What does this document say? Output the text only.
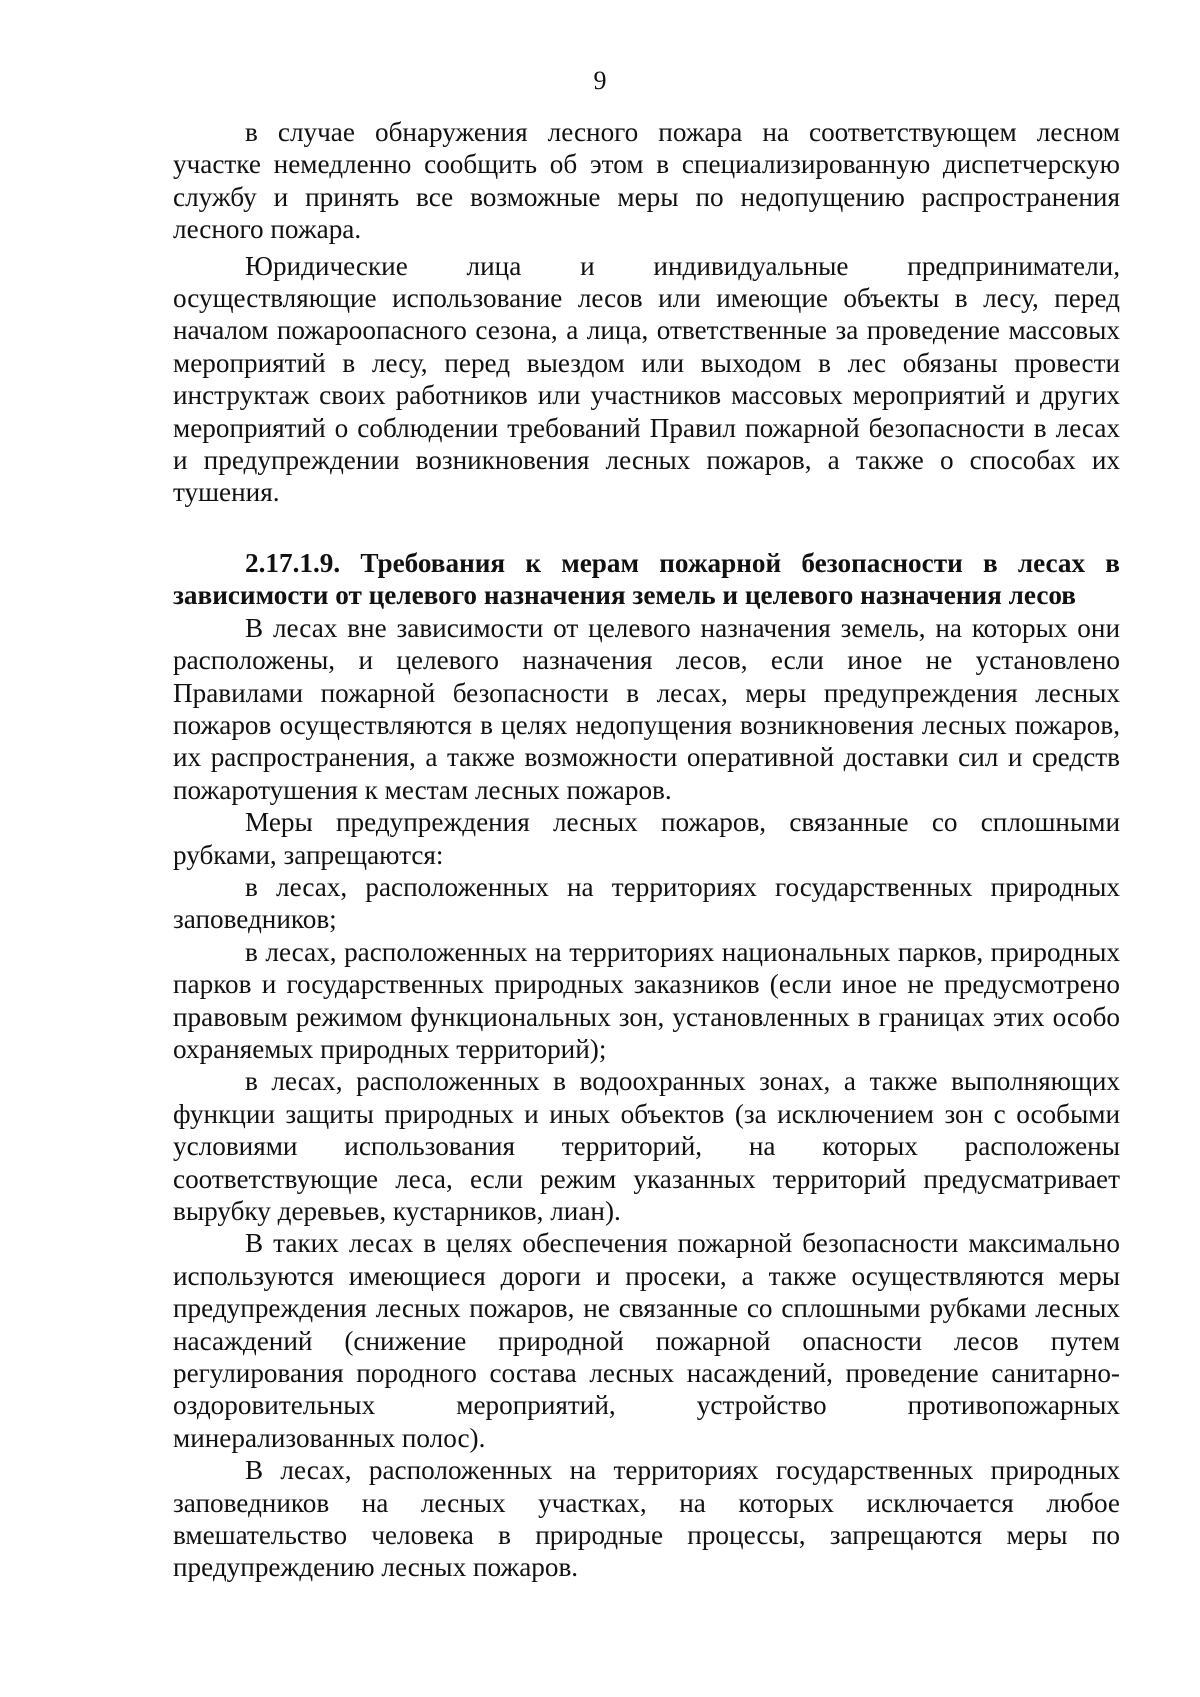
9

в случае обнаружения лесного пожара на соответствующем лесном участке немедленно сообщить об этом в специализированную диспетчерскую службу и принять все возможные меры по недопущению распространения лесного пожара.

Юридические лица и индивидуальные предприниматели, осуществляющие использование лесов или имеющие объекты в лесу, перед началом пожароопасного сезона, а лица, ответственные за проведение массовых мероприятий в лесу, перед выездом или выходом в лес обязаны провести инструктаж своих работников или участников массовых мероприятий и других мероприятий о соблюдении требований Правил пожарной безопасности в лесах и предупреждении возникновения лесных пожаров, а также о способах их тушения.

2.17.1.9. Требования к мерам пожарной безопасности в лесах в зависимости от целевого назначения земель и целевого назначения лесов

В лесах вне зависимости от целевого назначения земель, на которых они расположены, и целевого назначения лесов, если иное не установлено Правилами пожарной безопасности в лесах, меры предупреждения лесных пожаров осуществляются в целях недопущения возникновения лесных пожаров, их распространения, а также возможности оперативной доставки сил и средств пожаротушения к местам лесных пожаров.

Меры предупреждения лесных пожаров, связанные со сплошными рубками, запрещаются:

в лесах, расположенных на территориях государственных природных заповедников;

в лесах, расположенных на территориях национальных парков, природных парков и государственных природных заказников (если иное не предусмотрено правовым режимом функциональных зон, установленных в границах этих особо охраняемых природных территорий);

в лесах, расположенных в водоохранных зонах, а также выполняющих функции защиты природных и иных объектов (за исключением зон с особыми условиями использования территорий, на которых расположены соответствующие леса, если режим указанных территорий предусматривает вырубку деревьев, кустарников, лиан).

В таких лесах в целях обеспечения пожарной безопасности максимально используются имеющиеся дороги и просеки, а также осуществляются меры предупреждения лесных пожаров, не связанные со сплошными рубками лесных насаждений (снижение природной пожарной опасности лесов путем регулирования породного состава лесных насаждений, проведение санитарно-оздоровительных мероприятий, устройство противопожарных минерализованных полос).

В лесах, расположенных на территориях государственных природных заповедников на лесных участках, на которых исключается любое вмешательство человека в природные процессы, запрещаются меры по предупреждению лесных пожаров.
